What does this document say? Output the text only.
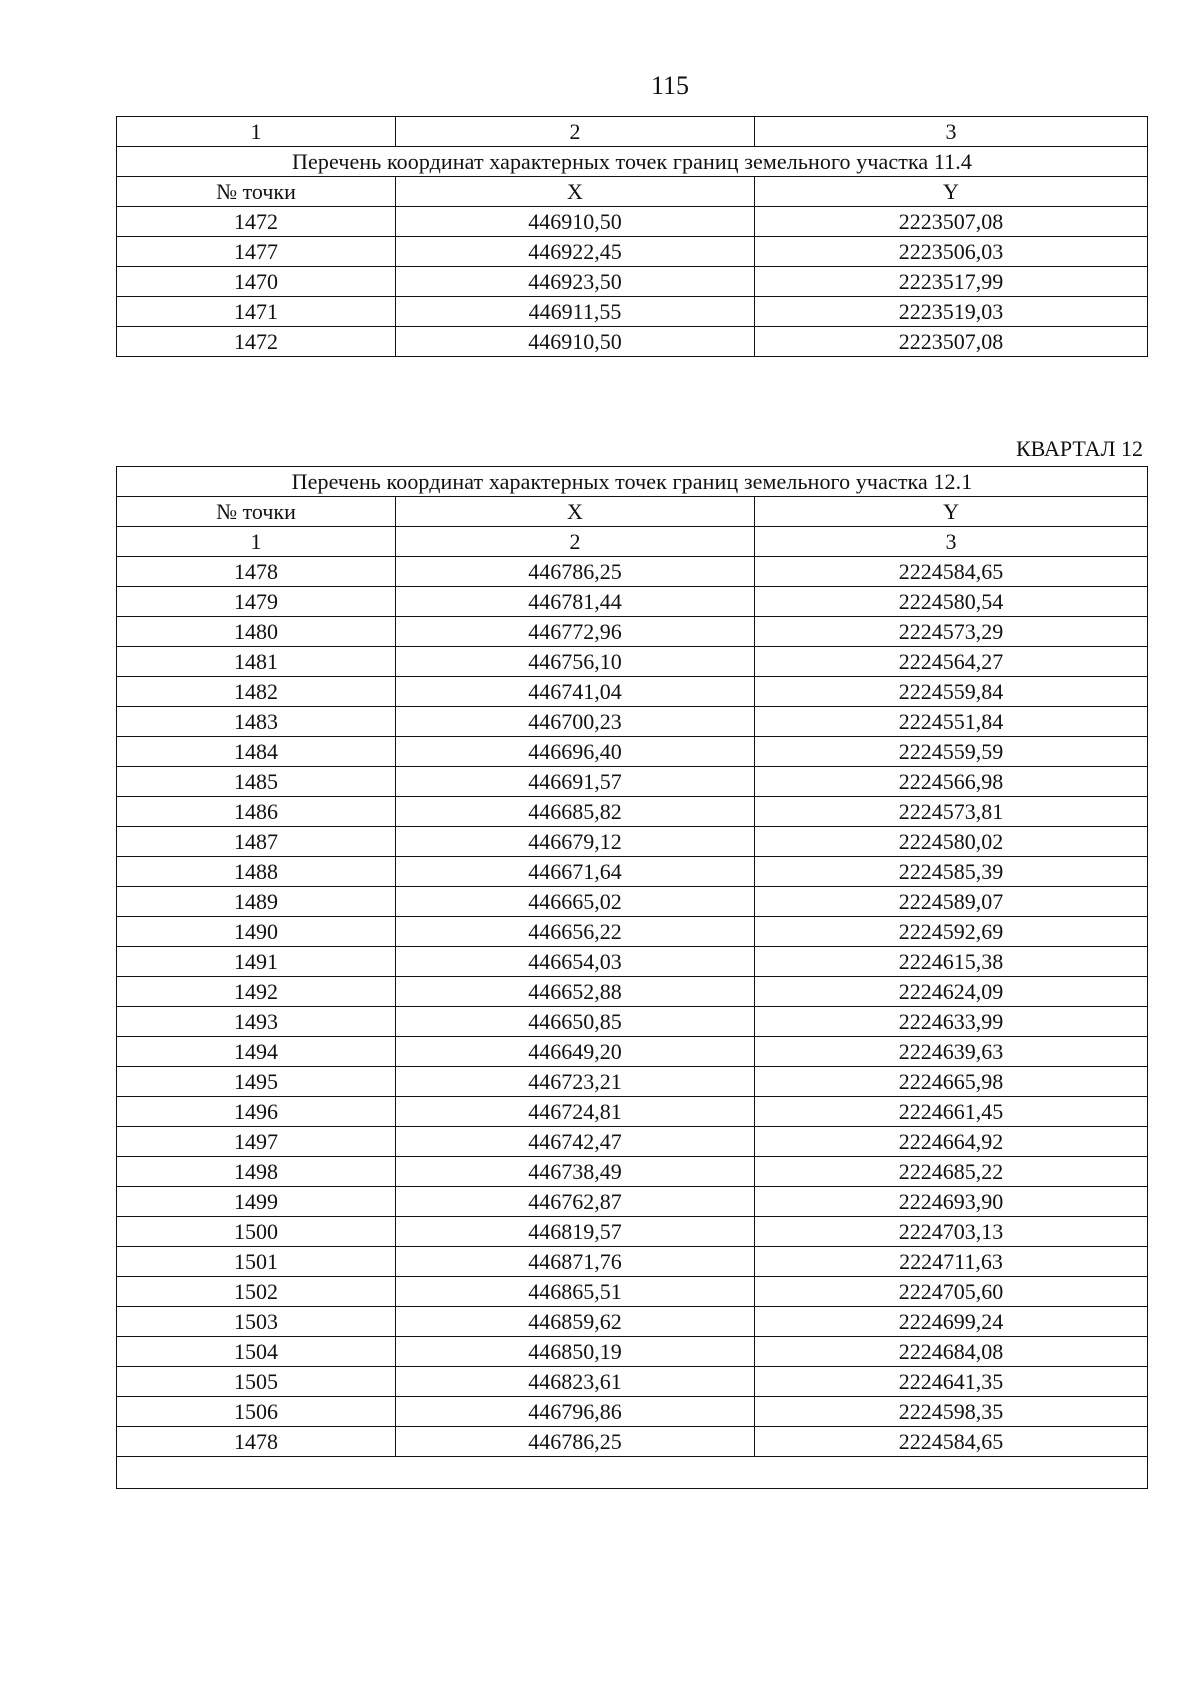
115
1	2	3
Перечень координат характерных точек границ земельного участка 11.4		
№ точки	X	Y
1472	446910,50	2223507,08
1477	446922,45	2223506,03
1470	446923,50	2223517,99
1471	446911,55	2223519,03
1472	446910,50	2223507,08
КВАРТАЛ 12
Перечень координат характерных точек границ земельного участка 12.1		
№ точки	X	Y
1	2	3
1478	446786,25	2224584,65
1479	446781,44	2224580,54
1480	446772,96	2224573,29
1481	446756,10	2224564,27
1482	446741,04	2224559,84
1483	446700,23	2224551,84
1484	446696,40	2224559,59
1485	446691,57	2224566,98
1486	446685,82	2224573,81
1487	446679,12	2224580,02
1488	446671,64	2224585,39
1489	446665,02	2224589,07
1490	446656,22	2224592,69
1491	446654,03	2224615,38
1492	446652,88	2224624,09
1493	446650,85	2224633,99
1494	446649,20	2224639,63
1495	446723,21	2224665,98
1496	446724,81	2224661,45
1497	446742,47	2224664,92
1498	446738,49	2224685,22
1499	446762,87	2224693,90
1500	446819,57	2224703,13
1501	446871,76	2224711,63
1502	446865,51	2224705,60
1503	446859,62	2224699,24
1504	446850,19	2224684,08
1505	446823,61	2224641,35
1506	446796,86	2224598,35
1478	446786,25	2224584,65
